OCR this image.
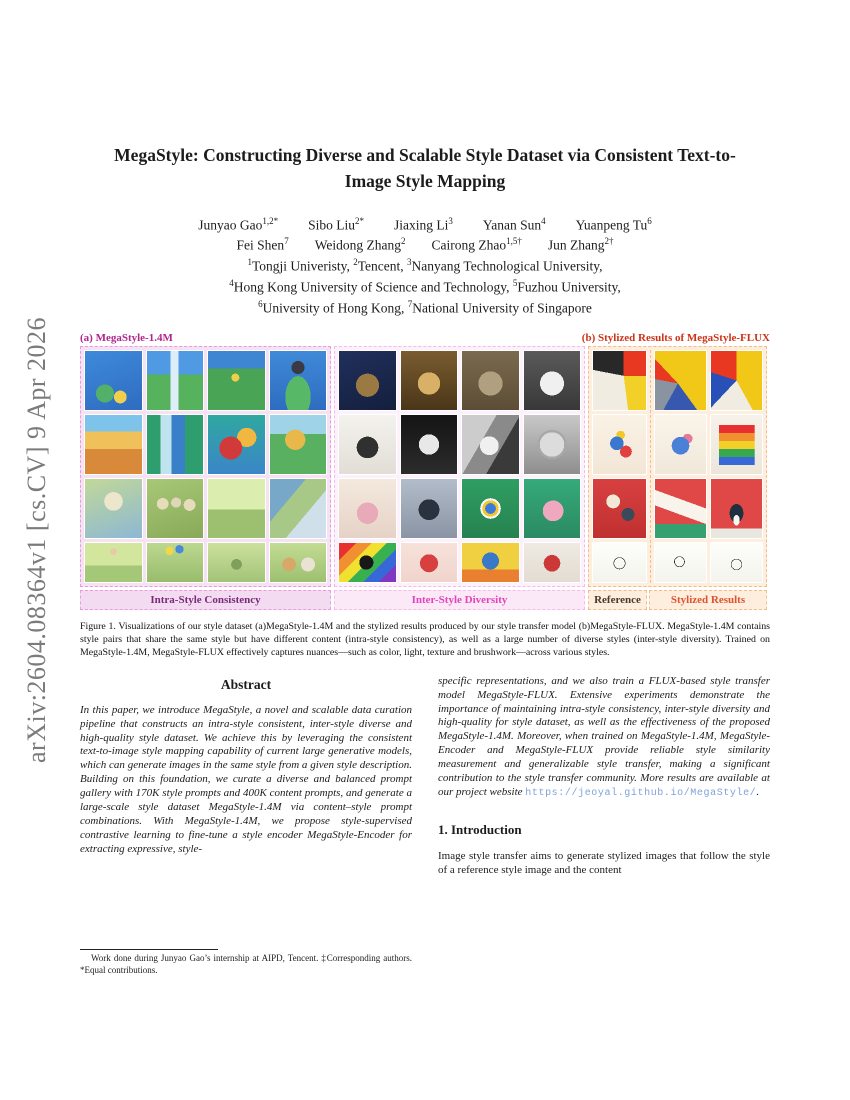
arXiv:2604.08364v1 [cs.CV] 9 Apr 2026
MegaStyle: Constructing Diverse and Scalable Style Dataset via Consistent Text-to-Image Style Mapping
Junyao Gao$^{1,2*}$ Sibo Liu$^{2*}$ Jiaxing Li$^3$ Yanan Sun$^4$ Yuanpeng Tu$^6$
Fei Shen$^7$ Weidong Zhang$^2$ Cairong Zhao$^{1,5\dagger}$ Jun Zhang$^{2\dagger}$
$^1$Tongji Univeristy, $^2$Tencent, $^3$Nanyang Technological University,
$^4$Hong Kong University of Science and Technology, $^5$Fuzhou University,
$^6$University of Hong Kong, $^7$National University of Singapore
(a) MegaStyle-1.4M	(b) Stylized Results of MegaStyle-FLUX
Intra-Style Consistency	Inter-Style Diversity	Reference	Stylized Results

Figure 1. Visualizations of our style dataset (a)MegaStyle-1.4M and the stylized results produced by our style transfer model (b)MegaStyle-FLUX. MegaStyle-1.4M contains style pairs that share the same style but have different content (intra-style consistency), as well as a large number of diverse styles (inter-style diversity). Trained on MegaStyle-1.4M, MegaStyle-FLUX effectively captures nuances—such as color, light, texture and brushwork—across various styles.

Abstract

In this paper, we introduce MegaStyle, a novel and scalable data curation pipeline that constructs an intra-style consistent, inter-style diverse and high-quality style dataset. We achieve this by leveraging the consistent text-to-image style mapping capability of current large generative models, which can generate images in the same style from a given style description. Building on this foundation, we curate a diverse and balanced prompt gallery with 170K style prompts and 400K content prompts, and generate a large-scale style dataset MegaStyle-1.4M via content–style prompt combinations. With MegaStyle-1.4M, we propose style-supervised contrastive learning to fine-tune a style encoder MegaStyle-Encoder for extracting expressive, style-

Work done during Junyao Gao’s internship at AIPD, Tencent. ‡Corresponding authors. *Equal contributions.

specific representations, and we also train a FLUX-based style transfer model MegaStyle-FLUX. Extensive experiments demonstrate the importance of maintaining intra-style consistency, inter-style diversity and high-quality for style dataset, as well as the effectiveness of the proposed MegaStyle-1.4M. Moreover, when trained on MegaStyle-1.4M, MegaStyle-Encoder and MegaStyle-FLUX provide reliable style similarity measurement and generalizable style transfer, making a significant contribution to the style transfer community. More results are available at our project website https://jeoyal.github.io/MegaStyle/.

1. Introduction

Image style transfer aims to generate stylized images that follow the style of a reference style image and the content
